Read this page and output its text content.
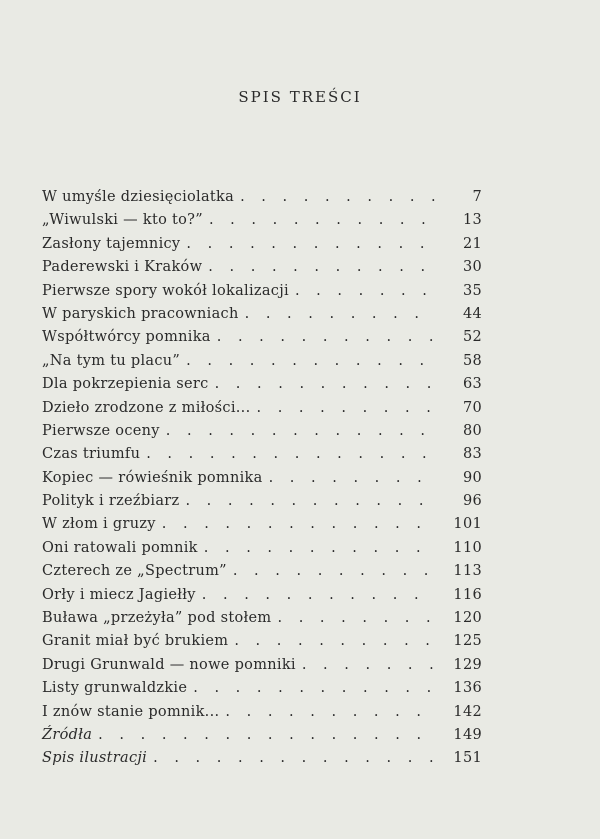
SPIS TREŚCI
W umyśle dziesięciolatka . . .	7
„Wiwulski — kto to?” . . .	13
Zasłony tajemnicy . . .	21
Paderewski i Kraków . . .	30
Pierwsze spory wokół lokalizacji . . .	35
W paryskich pracowniach . . .	44
Współtwórcy pomnika . . .	52
„Na tym tu placu” . . .	58
Dla pokrzepienia serc . . .	63
Dzieło zrodzone z miłości... . . .	70
Pierwsze oceny . . .	80
Czas triumfu . . .	83
Kopiec — rówieśnik pomnika . . .	90
Polityk i rzeźbiarz . . .	96
W złom i gruzy . . .	101
Oni ratowali pomnik . . .	110
Czterech ze „Spectrum” . . .	113
Orły i miecz Jagiełły . . .	116
Buława „przeżyła” pod stołem . . .	120
Granit miał być brukiem . . .	125
Drugi Grunwald — nowe pomniki . . .	129
Listy grunwaldzkie . . .	136
I znów stanie pomnik... . . .	142
Źródła . . .	149
Spis ilustracji . . .	151
